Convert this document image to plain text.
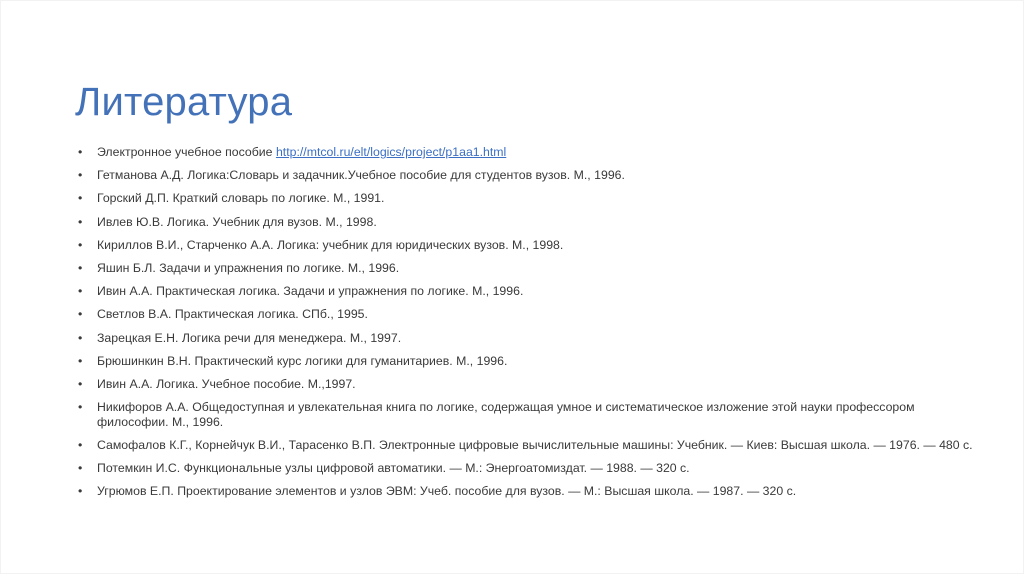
Литература
•	Электронное учебное пособие http://mtcol.ru/elt/logics/project/p1aa1.html
•	Гетманова А.Д. Логика:Словарь и задачник.Учебное пособие для студентов вузов. М., 1996.
•	Горский Д.П. Краткий словарь по логике. М., 1991.
•	Ивлев Ю.В. Логика. Учебник для вузов. М., 1998.
•	Кириллов В.И., Старченко А.А. Логика: учебник для юридических вузов. М., 1998.
•	Яшин Б.Л. Задачи и упражнения по логике. М., 1996.
•	Ивин А.А. Практическая логика. Задачи и упражнения по логике. М., 1996.
•	Светлов В.А. Практическая логика. СПб., 1995.
•	Зарецкая Е.Н. Логика речи для менеджера. М., 1997.
•	Брюшинкин В.Н. Практический курс логики для гуманитариев. М., 1996.
•	Ивин А.А. Логика. Учебное пособие. М.,1997.
•	Никифоров А.А. Общедоступная и увлекательная книга по логике, содержащая умное и систематическое изложение этой науки профессором философии. М., 1996.
•	Самофалов К.Г., Корнейчук В.И., Тарасенко В.П. Электронные цифровые вычислительные машины: Учебник. — Киев: Высшая школа. — 1976. — 480 с.
•	Потемкин И.С. Функциональные узлы цифровой автоматики. — М.: Энергоатомиздат. — 1988. — 320 с.
•	Угрюмов Е.П. Проектирование элементов и узлов ЭВМ: Учеб. пособие для вузов. — М.: Высшая школа. — 1987. — 320 с.
